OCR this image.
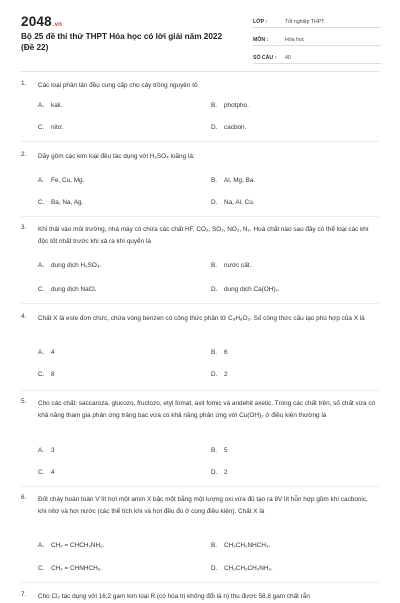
2048.vn
Bộ 25 đề thi thử THPT Hóa học có lời giải năm 2022 (Đề 22)
LỚP :	Tốt nghiệp THPT
MÔN :	Hóa học
SỐ CÂU : 40
1. Các loại phân lân đều cung cấp cho cây trồng nguyên tố
A. kali.	B. photpho.
C. nitơ.	D. cacbon.
2. Dãy gồm các kim loại đều tác dụng với H₂SO₄ loãng là:
A. Fe, Cu, Mg.	B. Al, Mg, Ba.
C. Ba, Na, Ag.	D. Na, Al, Cu.
3. Khi thải vào môi trường, nhà máy có chứa các chất HF, CO₂, SO₂, NO₂, N₂. Hoá chất nào sau đây có thể loại các khí độc tốt nhất trước khi xả ra khí quyển là
A. dung dịch H₂SO₄.	B. nước cất.
C. dung dịch NaCl.	D. dung dịch Ca(OH)₂.
4. Chất X là este đơn chức, chứa vòng benzen có công thức phân tử C₈H₈O₂. Số công thức cấu tạo phù hợp của X là
A. 4	B. 6
C. 8	D. 2
5. Cho các chất: saccaroza, glucozo, fructozo, etyl fomat, axit fomic và andehit axetic. Trong các chất trên, số chất vừa có khả năng tham gia phản ứng tráng bạc vừa có khả năng phản ứng với Cu(OH)₂ ở điều kiện thường là
A. 3	B. 5
C. 4	D. 2
6. Đốt cháy hoàn toàn V lít hơi một amin X bậc một bằng một lượng oxi vừa đủ tạo ra 8V lít hỗn hợp gồm khí cacbonic, khí nitơ và hơi nước (các thể tích khí và hơi đều đo ở cùng điều kiện). Chất X là
A. CH₂ = CHCH₂NH₂.	B. CH₃CH₂NHCH₃.
C. CH₂ = CHNHCH₃.	D. CH₃CH₂CH₂NH₂.
7. Cho Cl₂ tác dụng với 16,2 gam kim loại R (có hóa trị không đổi là n) thu được 58,8 gam chất rắn
